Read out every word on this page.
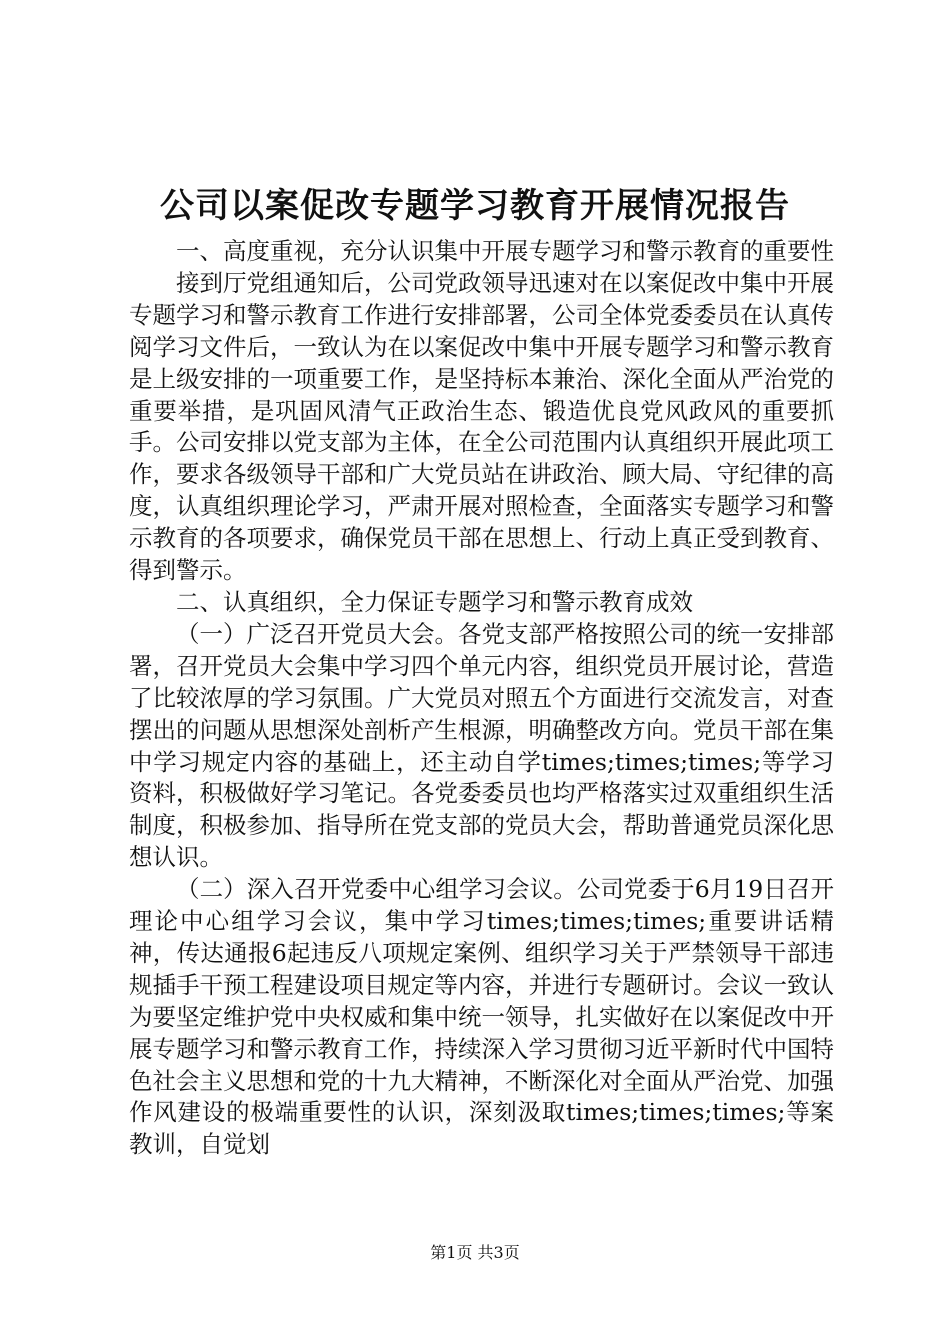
公司以案促改专题学习教育开展情况报告

一、高度重视，充分认识集中开展专题学习和警示教育的重要性

接到厅党组通知后，公司党政领导迅速对在以案促改中集中开展专题学习和警示教育工作进行安排部署，公司全体党委委员在认真传阅学习文件后，一致认为在以案促改中集中开展专题学习和警示教育是上级安排的一项重要工作，是坚持标本兼治、深化全面从严治党的重要举措，是巩固风清气正政治生态、锻造优良党风政风的重要抓手。公司安排以党支部为主体，在全公司范围内认真组织开展此项工作，要求各级领导干部和广大党员站在讲政治、顾大局、守纪律的高度，认真组织理论学习，严肃开展对照检查，全面落实专题学习和警示教育的各项要求，确保党员干部在思想上、行动上真正受到教育、得到警示。

二、认真组织，全力保证专题学习和警示教育成效

（一）广泛召开党员大会。各党支部严格按照公司的统一安排部署，召开党员大会集中学习四个单元内容，组织党员开展讨论，营造了比较浓厚的学习氛围。广大党员对照五个方面进行交流发言，对查摆出的问题从思想深处剖析产生根源，明确整改方向。党员干部在集中学习规定内容的基础上，还主动自学times;times;times;等学习资料，积极做好学习笔记。各党委委员也均严格落实过双重组织生活制度，积极参加、指导所在党支部的党员大会，帮助普通党员深化思想认识。

（二）深入召开党委中心组学习会议。公司党委于6月19日召开理论中心组学习会议，集中学习times;times;times;重要讲话精神，传达通报6起违反八项规定案例、组织学习关于严禁领导干部违规插手干预工程建设项目规定等内容，并进行专题研讨。会议一致认为要坚定维护党中央权威和集中统一领导，扎实做好在以案促改中开展专题学习和警示教育工作，持续深入学习贯彻习近平新时代中国特色社会主义思想和党的十九大精神，不断深化对全面从严治党、加强作风建设的极端重要性的认识，深刻汲取times;times;times;等案教训，自觉划

第1页 共3页
